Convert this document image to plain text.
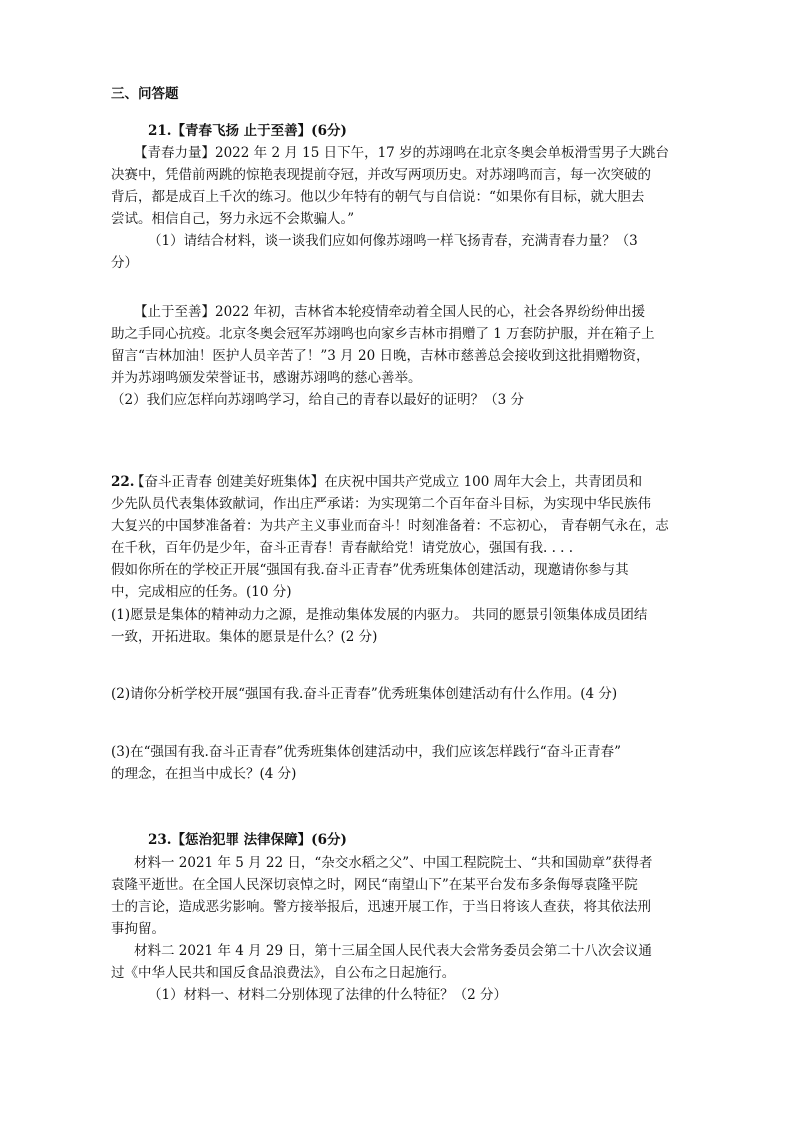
三、问答题
21.【青春飞扬 止于至善】(6分)
【青春力量】2022 年 2 月 15 日下午，17 岁的苏翊鸣在北京冬奥会单板滑雪男子大跳台
决赛中，凭借前两跳的惊艳表现提前夺冠，并改写两项历史。对苏翊鸣而言，每一次突破的
背后，都是成百上千次的练习。他以少年特有的朝气与自信说：“如果你有目标，就大胆去
尝试。相信自己，努力永远不会欺骗人。”
（1）请结合材料，谈一谈我们应如何像苏翊鸣一样飞扬青春，充满青春力量？（3
分）
【止于至善】2022 年初，吉林省本轮疫情牵动着全国人民的心，社会各界纷纷伸出援
助之手同心抗疫。北京冬奥会冠军苏翊鸣也向家乡吉林市捐赠了 1 万套防护服，并在箱子上
留言“吉林加油！医护人员辛苦了！”3 月 20 日晚，吉林市慈善总会接收到这批捐赠物资，
并为苏翊鸣颁发荣誉证书，感谢苏翊鸣的慈心善举。
（2）我们应怎样向苏翊鸣学习，给自己的青春以最好的证明？（3 分
22.
【奋斗正青春 创建美好班集体】在庆祝中国共产党成立 100 周年大会上，共青团员和
少先队员代表集体致献词，作出庄严承诺：为实现第二个百年奋斗目标，为实现中华民族伟
大复兴的中国梦准备着：为共产主义事业而奋斗！时刻准备着：不忘初心， 青春朝气永在，志
在千秋，百年仍是少年，奋斗正青春！青春献给党！请党放心，强国有我. . . .
假如你所在的学校正开展“强国有我.奋斗正青春”优秀班集体创建活动，现邀请你参与其
中，完成相应的任务。(10 分)
(1)愿景是集体的精神动力之源，是推动集体发展的内驱力。 共同的愿景引领集体成员团结
一致，开拓进取。集体的愿景是什么？(2 分)
(2)请你分析学校开展“强国有我.奋斗正青春”优秀班集体创建活动有什么作用。(4 分)
(3)在“强国有我.奋斗正青春”优秀班集体创建活动中，我们应该怎样践行“奋斗正青春”
的理念，在担当中成长？(4 分)
23.【惩治犯罪 法律保障】(6分)
材料一 2021 年 5 月 22 日，“杂交水稻之父”、中国工程院院士、“共和国勋章”获得者
袁隆平逝世。在全国人民深切哀悼之时，网民“南望山下”在某平台发布多条侮辱袁隆平院
士的言论，造成恶劣影响。警方接举报后，迅速开展工作，于当日将该人查获，将其依法刑
事拘留。
材料二 2021 年 4 月 29 日，第十三届全国人民代表大会常务委员会第二十八次会议通
过《中华人民共和国反食品浪费法》，自公布之日起施行。
（1）材料一、材料二分别体现了法律的什么特征？（2 分）
